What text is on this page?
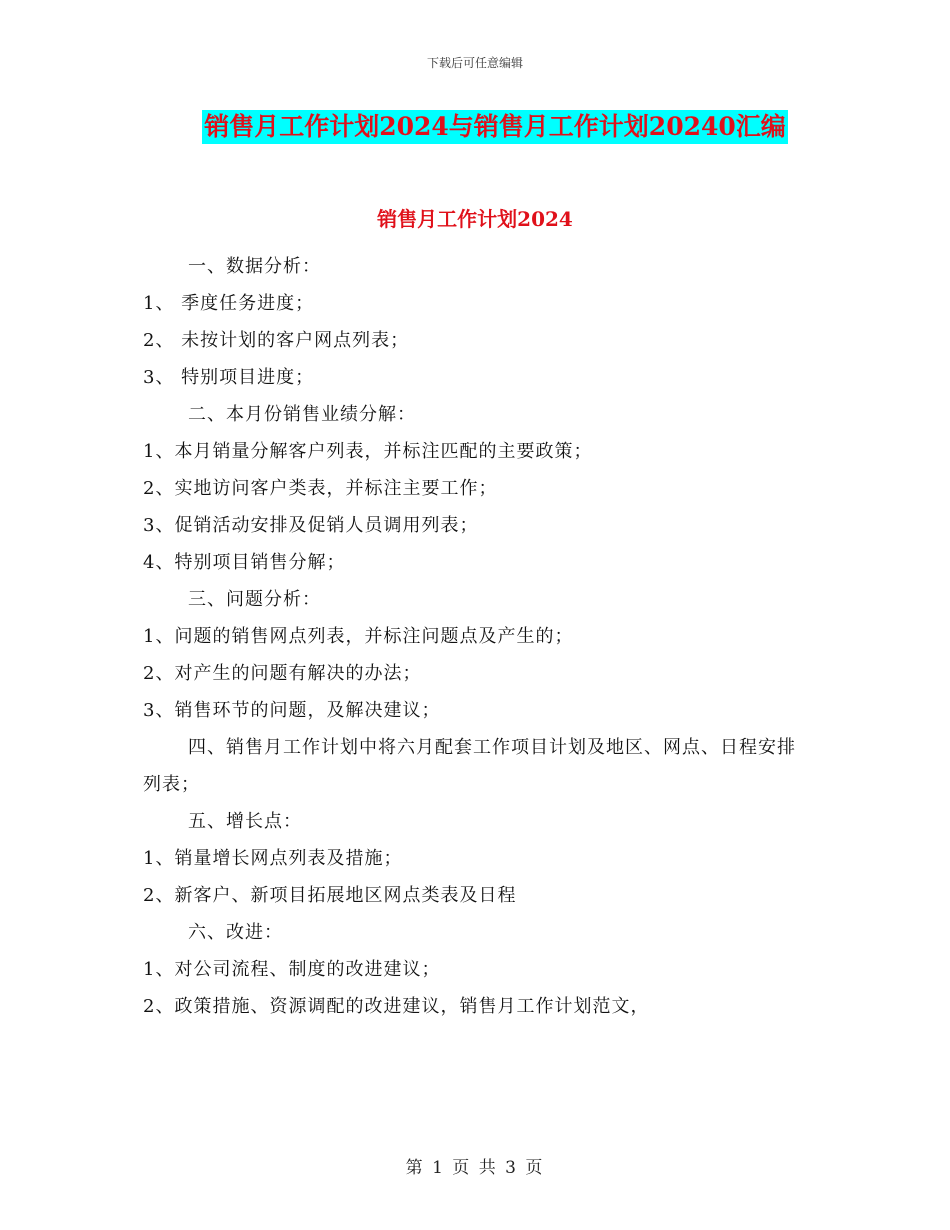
下载后可任意编辑
销售月工作计划2024与销售月工作计划20240汇编
销售月工作计划2024
一、数据分析：
1、 季度任务进度；
2、 未按计划的客户网点列表；
3、 特别项目进度；
二、本月份销售业绩分解：
1、本月销量分解客户列表，并标注匹配的主要政策；
2、实地访问客户类表，并标注主要工作；
3、促销活动安排及促销人员调用列表；
4、特别项目销售分解；
三、问题分析：
1、问题的销售网点列表，并标注问题点及产生的；
2、对产生的问题有解决的办法；
3、销售环节的问题，及解决建议；
四、销售月工作计划中将六月配套工作项目计划及地区、网点、日程安排列表；
五、增长点：
1、销量增长网点列表及措施；
2、新客户、新项目拓展地区网点类表及日程
六、改进：
1、对公司流程、制度的改进建议；
2、政策措施、资源调配的改进建议，销售月工作计划范文，
第 1 页 共 3 页
